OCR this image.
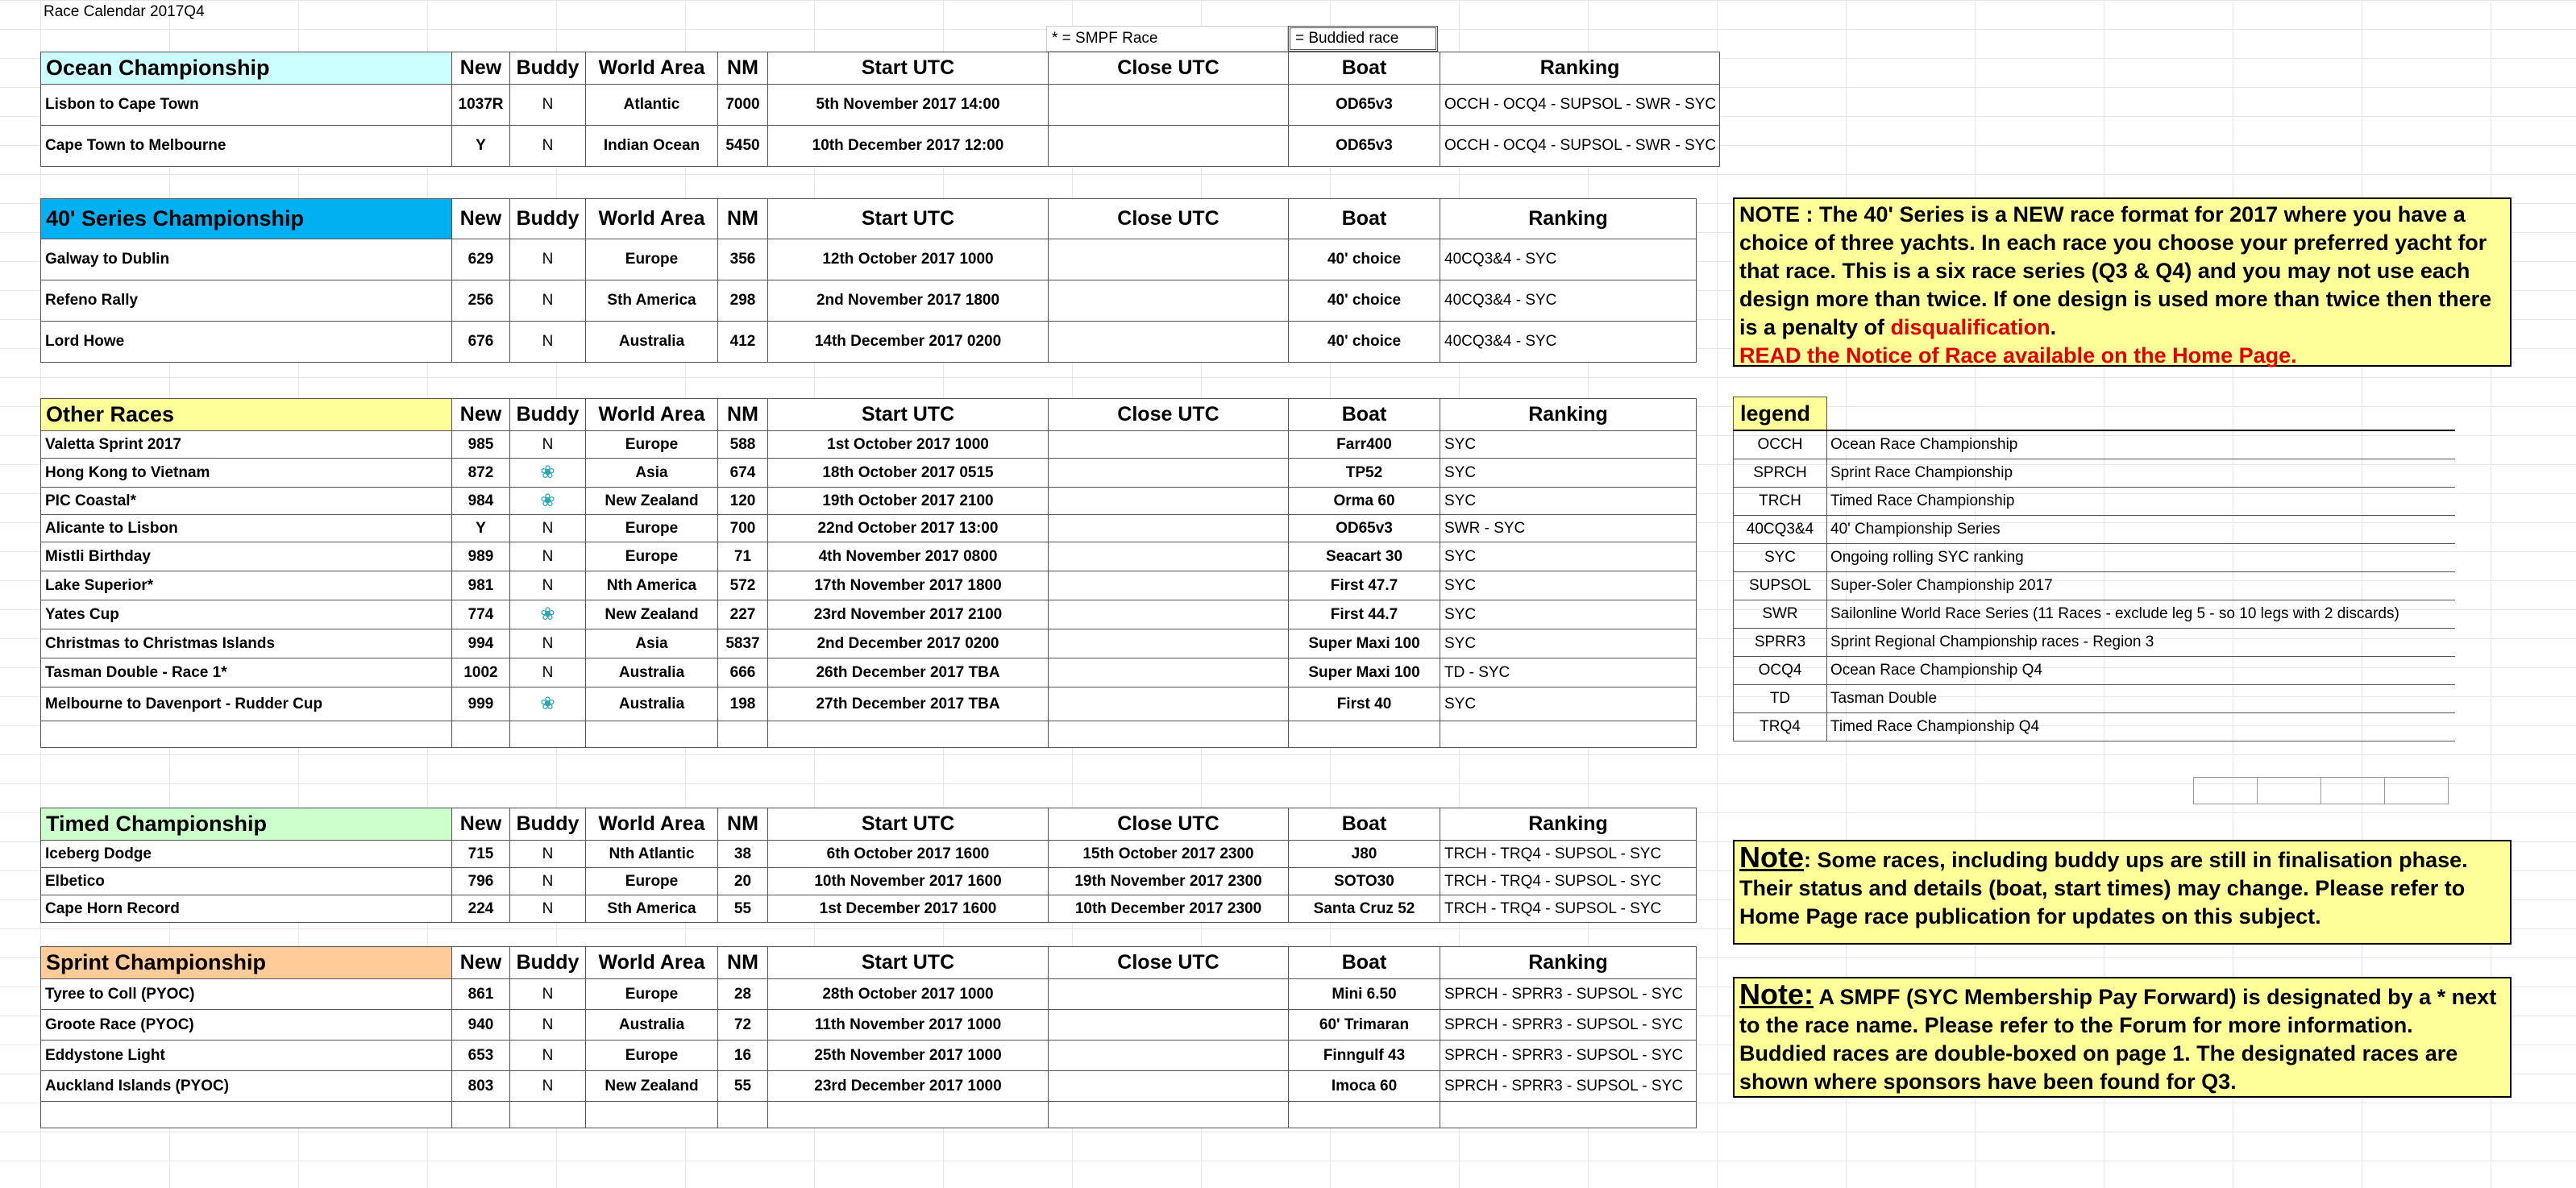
Race Calendar 2017Q4
* = SMPF Race	= Buddied race
Ocean Championship	New	Buddy	World Area	NM	Start UTC	Close UTC	Boat	Ranking
Lisbon to Cape Town	1037R	N	Atlantic	7000	5th November 2017 14:00		OD65v3	OCCH - OCQ4 - SUPSOL - SWR - SYC
Cape Town to Melbourne	Y	N	Indian Ocean	5450	10th December 2017 12:00		OD65v3	OCCH - OCQ4 - SUPSOL - SWR - SYC
40' Series Championship	New	Buddy	World Area	NM	Start UTC	Close UTC	Boat	Ranking
Galway to Dublin	629	N	Europe	356	12th October 2017 1000		40' choice	40CQ3&4 - SYC
Refeno Rally	256	N	Sth America	298	2nd November 2017 1800		40' choice	40CQ3&4 - SYC
Lord Howe	676	N	Australia	412	14th December 2017 0200		40' choice	40CQ3&4 - SYC
Other Races	New	Buddy	World Area	NM	Start UTC	Close UTC	Boat	Ranking
Valetta Sprint 2017	985	N	Europe	588	1st October 2017 1000		Farr400	SYC
Hong Kong to Vietnam	872	❀	Asia	674	18th October 2017 0515		TP52	SYC
PIC Coastal*	984	❀	New Zealand	120	19th October 2017 2100		Orma 60	SYC
Alicante to Lisbon	Y	N	Europe	700	22nd October 2017 13:00		OD65v3	SWR - SYC
Mistli Birthday	989	N	Europe	71	4th November 2017 0800		Seacart 30	SYC
Lake Superior*	981	N	Nth America	572	17th November 2017 1800		First 47.7	SYC
Yates Cup	774	❀	New Zealand	227	23rd November 2017 2100		First 44.7	SYC
Christmas to Christmas Islands	994	N	Asia	5837	2nd December 2017 0200		Super Maxi 100	SYC
Tasman Double - Race 1*	1002	N	Australia	666	26th December 2017 TBA		Super Maxi 100	TD - SYC
Melbourne to Davenport - Rudder Cup	999	❀	Australia	198	27th December 2017 TBA		First 40	SYC

Timed Championship	New	Buddy	World Area	NM	Start UTC	Close UTC	Boat	Ranking
Iceberg Dodge	715	N	Nth Atlantic	38	6th October 2017 1600	15th October 2017 2300	J80	TRCH - TRQ4 - SUPSOL - SYC
Elbetico	796	N	Europe	20	10th November 2017 1600	19th November 2017 2300	SOTO30	TRCH - TRQ4 - SUPSOL - SYC
Cape Horn Record	224	N	Sth America	55	1st December 2017 1600	10th December 2017 2300	Santa Cruz 52	TRCH - TRQ4 - SUPSOL - SYC
Sprint Championship	New	Buddy	World Area	NM	Start UTC	Close UTC	Boat	Ranking
Tyree to Coll (PYOC)	861	N	Europe	28	28th October 2017 1000		Mini 6.50	SPRCH - SPRR3 - SUPSOL - SYC
Groote Race (PYOC)	940	N	Australia	72	11th November 2017 1000		60' Trimaran	SPRCH - SPRR3 - SUPSOL - SYC
Eddystone Light	653	N	Europe	16	25th November 2017 1000		Finngulf 43	SPRCH - SPRR3 - SUPSOL - SYC
Auckland Islands (PYOC)	803	N	New Zealand	55	23rd December 2017 1000		Imoca 60	SPRCH - SPRR3 - SUPSOL - SYC

NOTE : The 40' Series is a NEW race format for 2017 where you have a choice of three yachts. In each race you choose your preferred yacht for that race. This is a six race series (Q3 & Q4) and you may not use each design more than twice. If one design is used more than twice then there is a penalty of disqualification.
READ the Notice of Race available on the Home Page.
legend	
OCCH	Ocean Race Championship
SPRCH	Sprint Race Championship
TRCH	Timed Race Championship
40CQ3&4	40' Championship Series
SYC	Ongoing rolling SYC ranking
SUPSOL	Super-Soler Championship 2017
SWR	Sailonline World Race Series (11 Races - exclude leg 5 - so 10 legs with 2 discards)
SPRR3	Sprint Regional Championship races - Region 3
OCQ4	Ocean Race Championship Q4
TD	Tasman Double
TRQ4	Timed Race Championship Q4
Note: Some races, including buddy ups are still in finalisation phase. Their status and details (boat, start times) may change. Please refer to Home Page race publication for updates on this subject.
Note: A SMPF (SYC Membership Pay Forward) is designated by a * next to the race name. Please refer to the Forum for more information. Buddied races are double-boxed on page 1. The designated races are shown where sponsors have been found for Q3.
